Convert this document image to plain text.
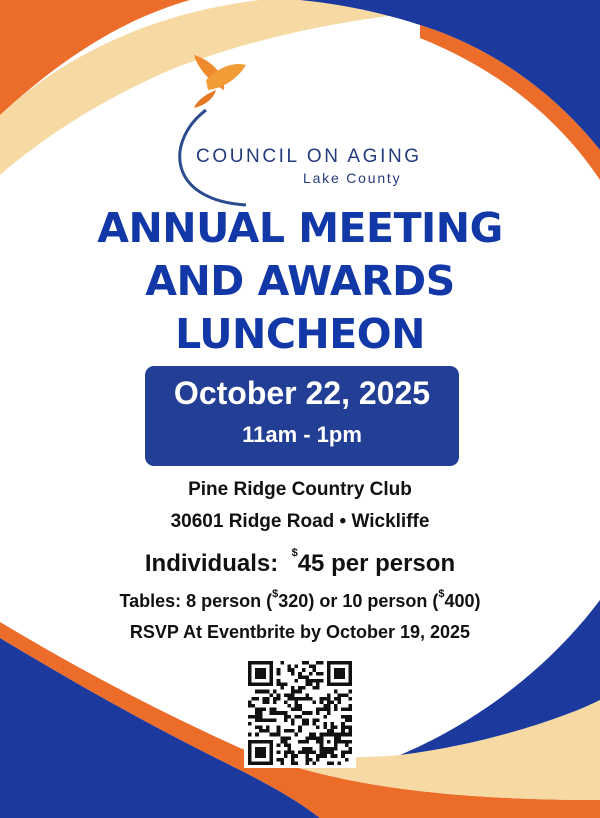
COUNCIL ON AGING
Lake County
ANNUAL MEETING
AND AWARDS
LUNCHEON
October 22, 2025
11am - 1pm
Pine Ridge Country Club
30601 Ridge Road • Wickliffe
Individuals: $45 per person
Tables: 8 person ($320) or 10 person ($400)
RSVP At Eventbrite by October 19, 2025
